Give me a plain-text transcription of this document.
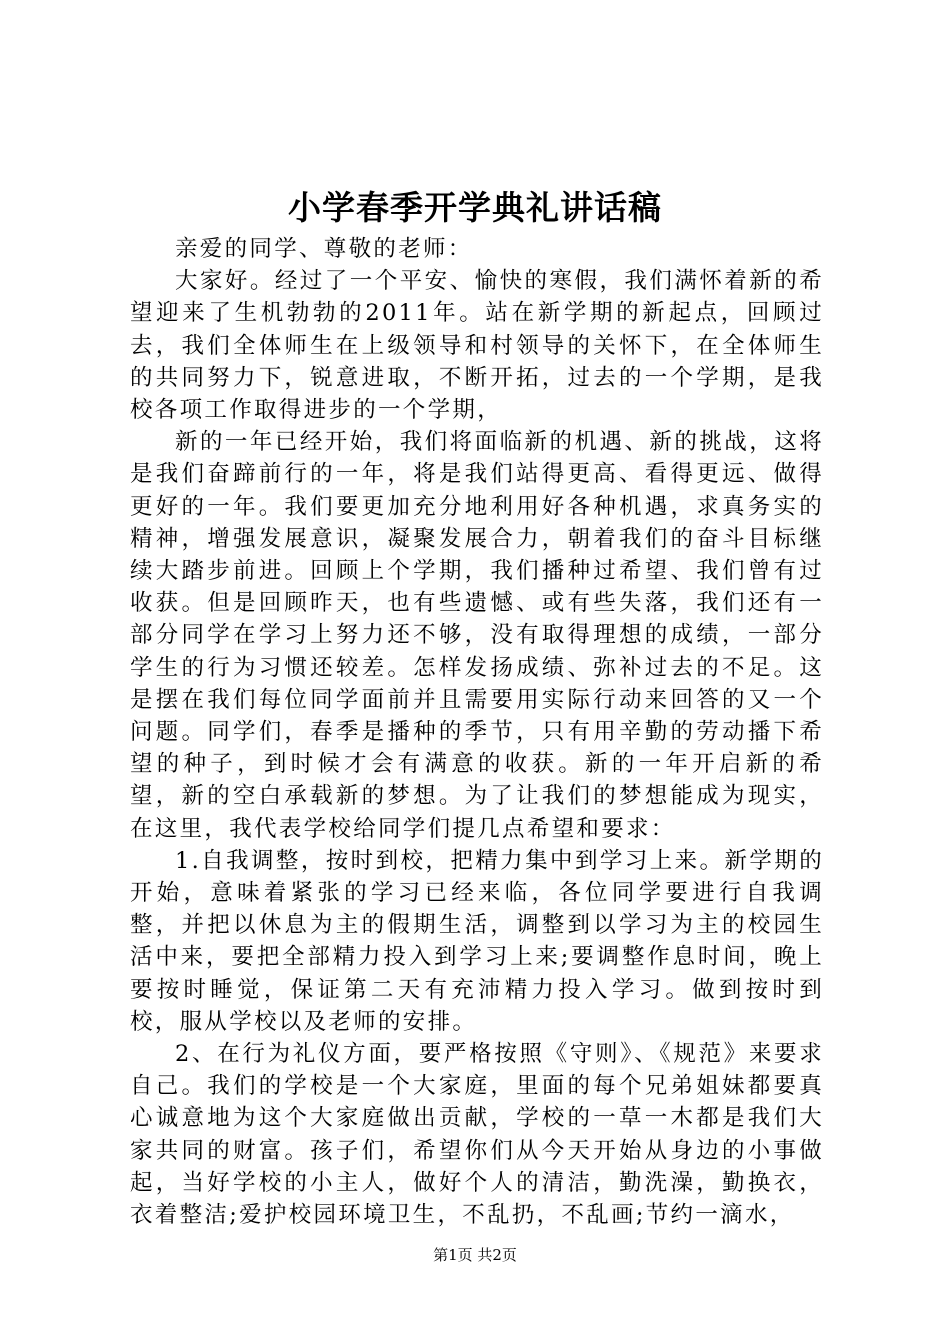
小学春季开学典礼讲话稿

亲爱的同学、尊敬的老师：

大家好。经过了一个平安、愉快的寒假，我们满怀着新的希望迎来了生机勃勃的2011年。站在新学期的新起点，回顾过去，我们全体师生在上级领导和村领导的关怀下，在全体师生的共同努力下，锐意进取，不断开拓，过去的一个学期，是我校各项工作取得进步的一个学期，

新的一年已经开始，我们将面临新的机遇、新的挑战，这将是我们奋蹄前行的一年，将是我们站得更高、看得更远、做得更好的一年。我们要更加充分地利用好各种机遇，求真务实的精神，增强发展意识，凝聚发展合力，朝着我们的奋斗目标继续大踏步前进。回顾上个学期，我们播种过希望、我们曾有过收获。但是回顾昨天，也有些遗憾、或有些失落，我们还有一部分同学在学习上努力还不够，没有取得理想的成绩，一部分学生的行为习惯还较差。怎样发扬成绩、弥补过去的不足。这是摆在我们每位同学面前并且需要用实际行动来回答的又一个问题。同学们，春季是播种的季节，只有用辛勤的劳动播下希望的种子，到时候才会有满意的收获。新的一年开启新的希望，新的空白承载新的梦想。为了让我们的梦想能成为现实，在这里，我代表学校给同学们提几点希望和要求：

1.自我调整，按时到校，把精力集中到学习上来。新学期的开始，意味着紧张的学习已经来临，各位同学要进行自我调整，并把以休息为主的假期生活，调整到以学习为主的校园生活中来，要把全部精力投入到学习上来;要调整作息时间，晚上要按时睡觉，保证第二天有充沛精力投入学习。做到按时到校，服从学校以及老师的安排。

2、在行为礼仪方面，要严格按照《守则》、《规范》来要求自己。我们的学校是一个大家庭，里面的每个兄弟姐妹都要真心诚意地为这个大家庭做出贡献，学校的一草一木都是我们大家共同的财富。孩子们，希望你们从今天开始从身边的小事做起，当好学校的小主人，做好个人的清洁，勤洗澡，勤换衣，衣着整洁;爱护校园环境卫生，不乱扔，不乱画;节约一滴水，

第1页 共2页
